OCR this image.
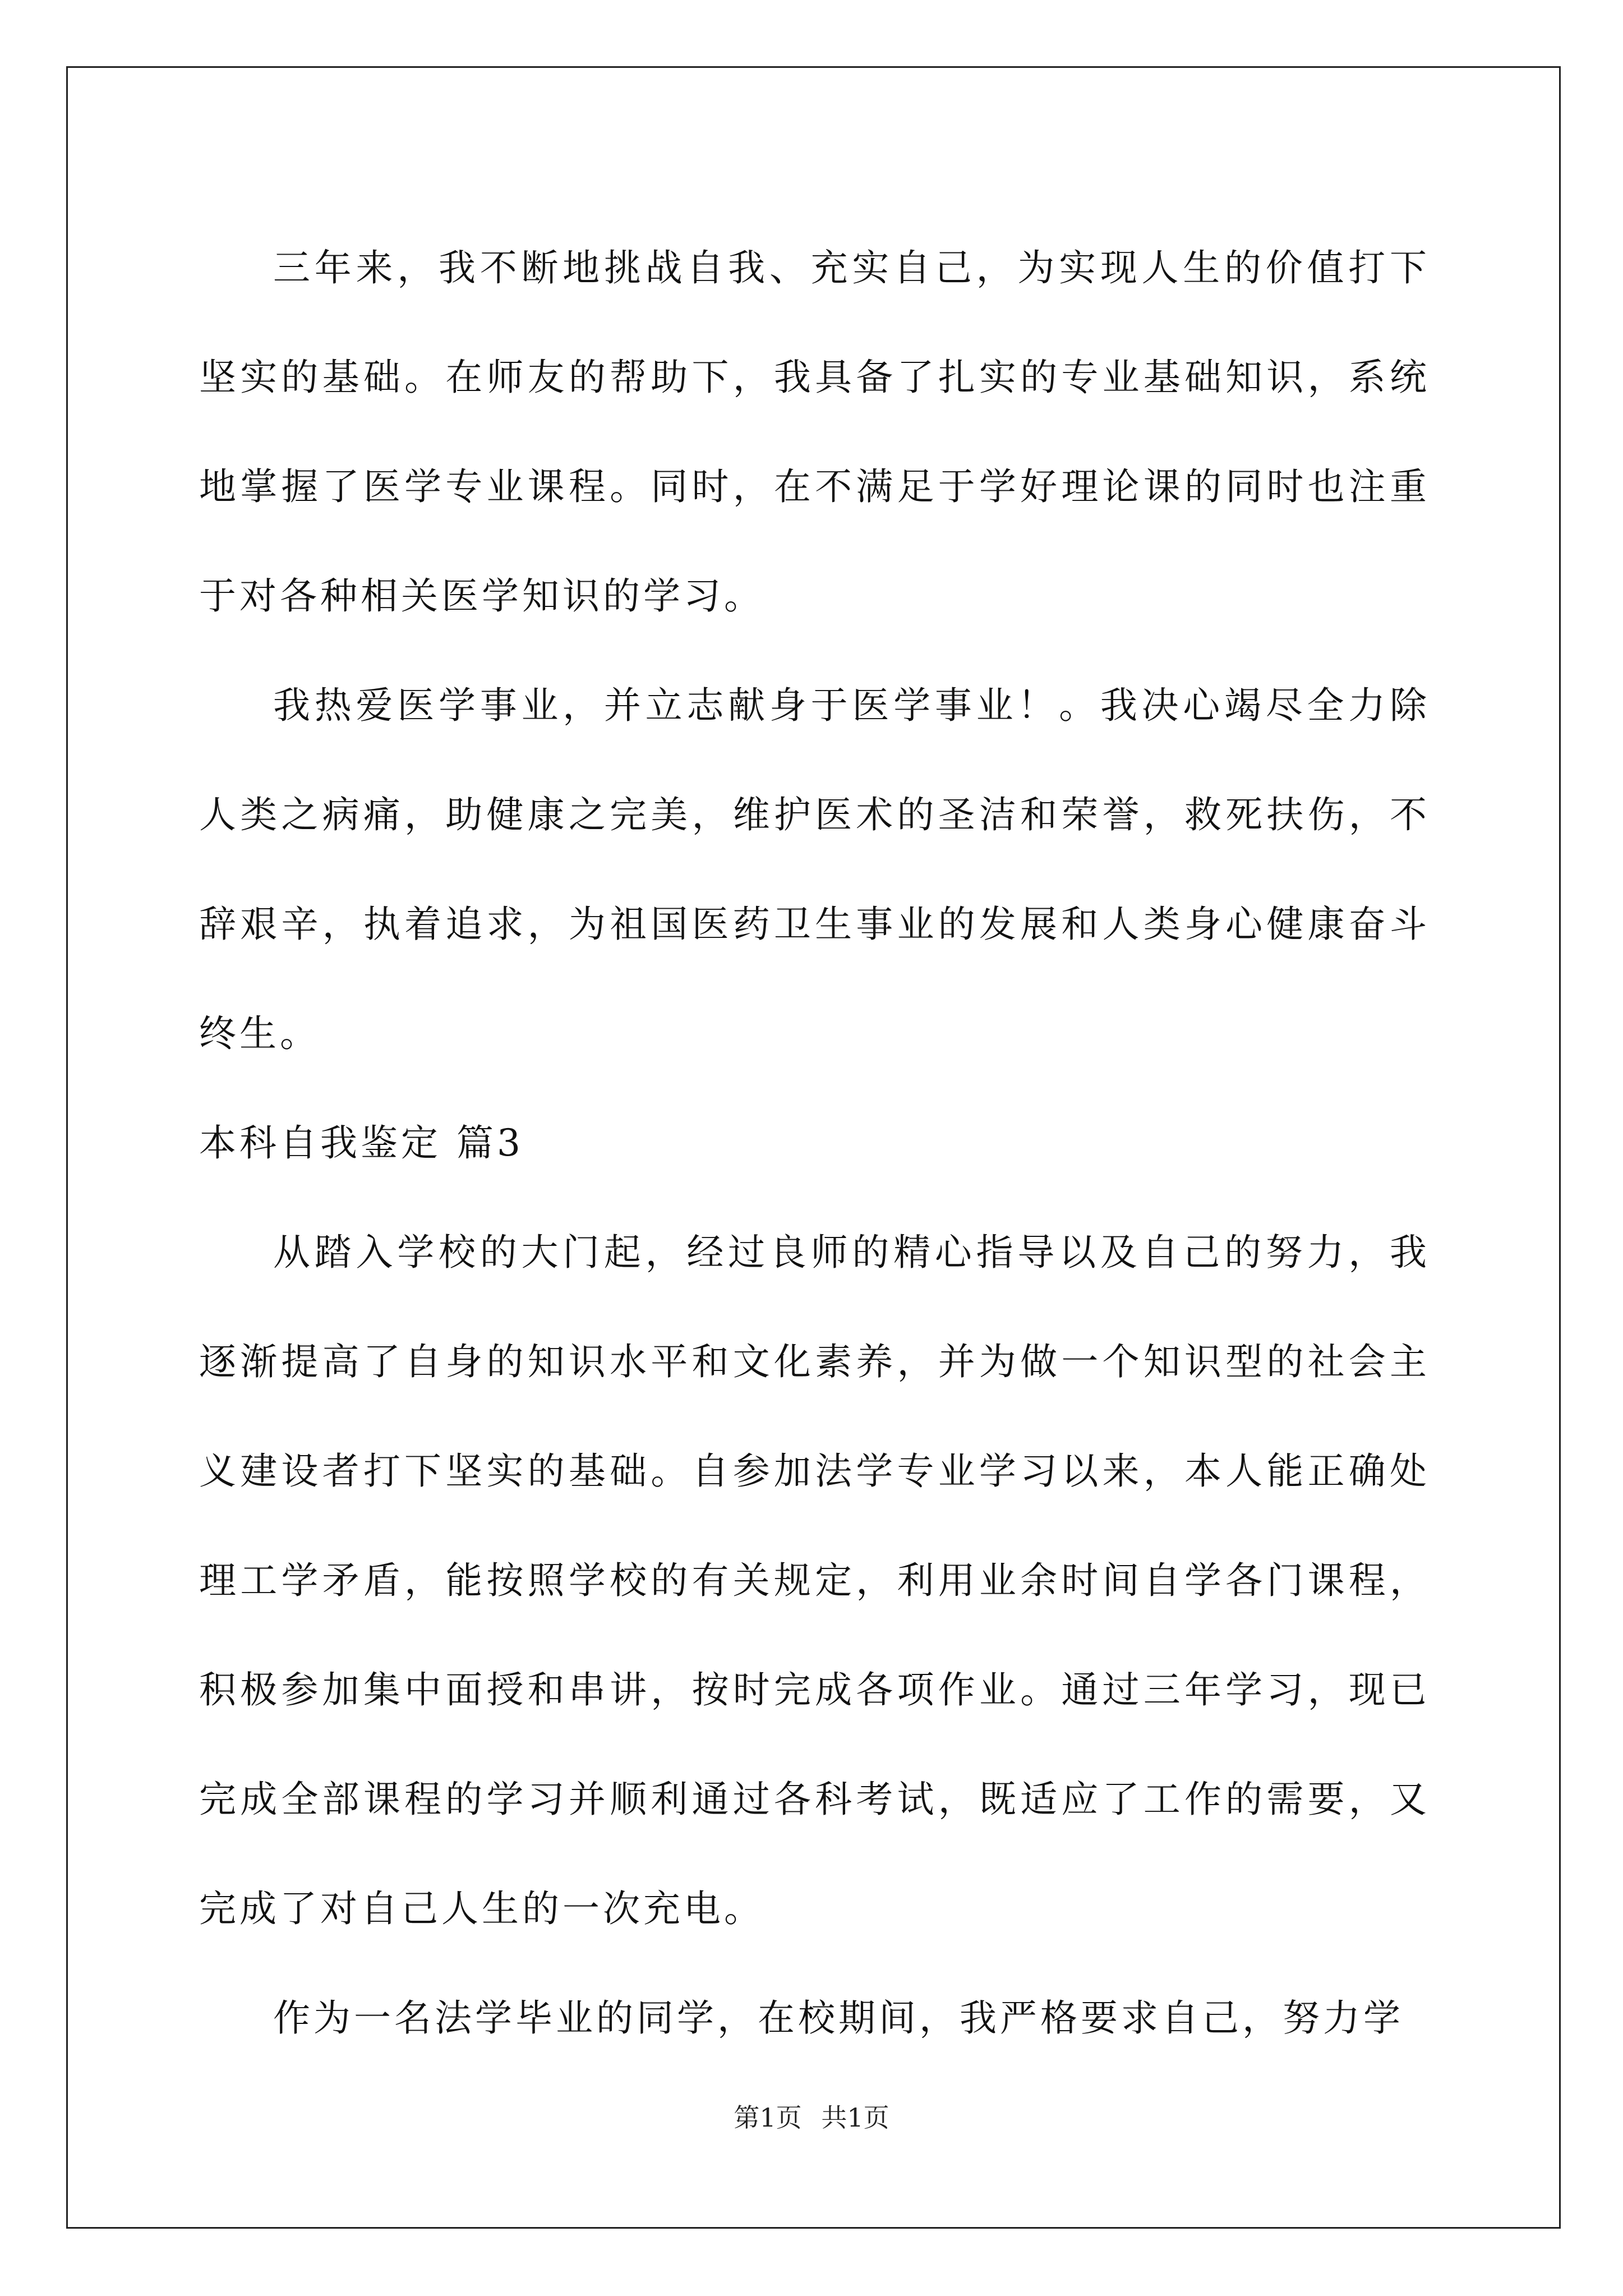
三年来，我不断地挑战自我、充实自己，为实现人生的价值打下坚实的基础。在师友的帮助下，我具备了扎实的专业基础知识，系统地掌握了医学专业课程。同时，在不满足于学好理论课的同时也注重于对各种相关医学知识的学习。

我热爱医学事业，并立志献身于医学事业！。我决心竭尽全力除人类之病痛，助健康之完美，维护医术的圣洁和荣誉，救死扶伤，不辞艰辛，执着追求，为祖国医药卫生事业的发展和人类身心健康奋斗终生。

本科自我鉴定 篇3

从踏入学校的大门起，经过良师的精心指导以及自己的努力，我逐渐提高了自身的知识水平和文化素养，并为做一个知识型的社会主义建设者打下坚实的基础。自参加法学专业学习以来，本人能正确处理工学矛盾，能按照学校的有关规定，利用业余时间自学各门课程，积极参加集中面授和串讲，按时完成各项作业。通过三年学习，现已完成全部课程的学习并顺利通过各科考试，既适应了工作的需要，又完成了对自己人生的一次充电。

作为一名法学毕业的同学，在校期间，我严格要求自己，努力学

第1页 共1页
